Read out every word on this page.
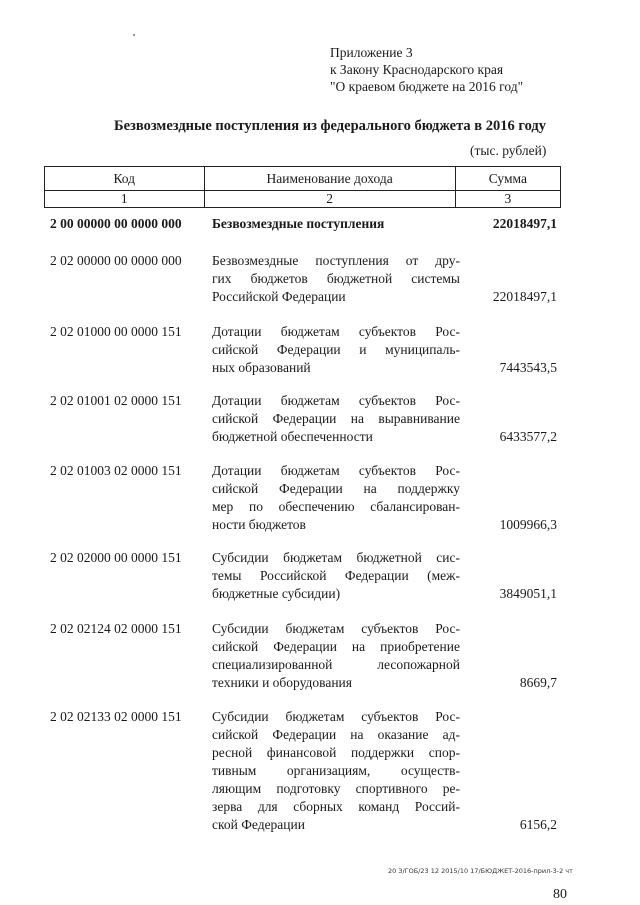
Приложение 3
к Закону Краснодарского края
"О краевом бюджете на 2016 год"
Безвозмездные поступления из федерального бюджета в 2016 году
(тыс. рублей)
Код	Наименование дохода	Сумма
1	2	3
2 00 00000 00 0000 000 Безвозмездные поступления	22018497,1
2 02 00000 00 0000 000 Безвозмездные поступления от дру-
гих бюджетов бюджетной системы
Российской Федерации	22018497,1
2 02 01000 00 0000 151 Дотации бюджетам субъектов Рос-
сийской Федерации и муниципаль-
ных образований	7443543,5
2 02 01001 02 0000 151 Дотации бюджетам субъектов Рос-
сийской Федерации на выравнивание
бюджетной обеспеченности	6433577,2
2 02 01003 02 0000 151 Дотации бюджетам субъектов Рос-
сийской Федерации на поддержку
мер по обеспечению сбалансирован-
ности бюджетов	1009966,3
2 02 02000 00 0000 151 Субсидии бюджетам бюджетной сис-
темы Российской Федерации (меж-
бюджетные субсидии)	3849051,1
2 02 02124 02 0000 151 Субсидии бюджетам субъектов Рос-
сийской Федерации на приобретение
специализированной лесопожарной
техники и оборудования	8669,7
2 02 02133 02 0000 151 Субсидии бюджетам субъектов Рос-
сийской Федерации на оказание ад-
ресной финансовой поддержки спор-
тивным организациям, осуществ-
ляющим подготовку спортивного ре-
зерва для сборных команд Россий-
ской Федерации	6156,2
20 З/ГОБ/23 12 2015/10 17/БЮДЖЕТ-2016-прил-3-2 чт
80
